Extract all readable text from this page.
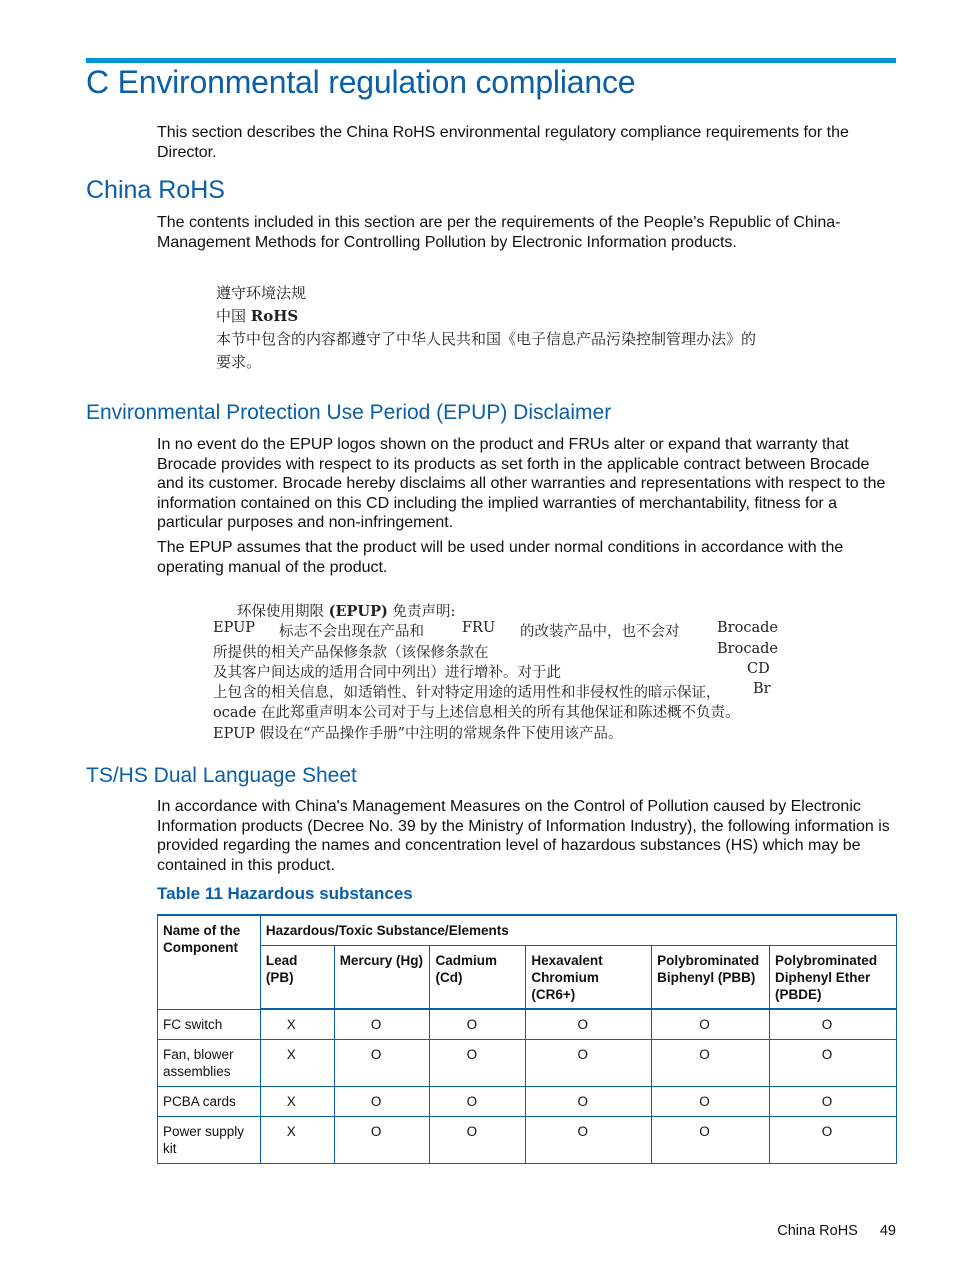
C Environmental regulation compliance

This section describes the China RoHS environmental regulatory compliance requirements for the Director.

China RoHS

The contents included in this section are per the requirements of the People's Republic of China-Management Methods for Controlling Pollution by Electronic Information products.

遵守环境法规
中国 RoHS
本节中包含的内容都遵守了中华人民共和国《电子信息产品污染控制管理办法》的
要求。
Environmental Protection Use Period (EPUP) Disclaimer

In no event do the EPUP logos shown on the product and FRUs alter or expand that warranty that Brocade provides with respect to its products as set forth in the applicable contract between Brocade and its customer. Brocade hereby disclaims all other warranties and representations with respect to the information contained on this CD including the implied warranties of merchantability, fitness for a particular purposes and non-infringement.

The EPUP assumes that the product will be used under normal conditions in accordance with the operating manual of the product.

环保使用期限 (EPUP) 免责声明:
EPUP 标志不会出现在产品和	FRU 的改装产品中，也不会对	Brocade
所提供的相关产品保修条款（该保修条款在	Brocade
及其客户间达成的适用合同中列出）进行增补。对于此	CD
上包含的相关信息，如适销性、针对特定用途的适用性和非侵权性的暗示保证， Br
ocade 在此郑重声明本公司对于与上述信息相关的所有其他保证和陈述概不负责。
EPUP 假设在“产品操作手册”中注明的常规条件下使用该产品。
TS/HS Dual Language Sheet

In accordance with China's Management Measures on the Control of Pollution caused by Electronic Information products (Decree No. 39 by the Ministry of Information Industry), the following information is provided regarding the names and concentration level of hazardous substances (HS) which may be contained in this product.

Table 11 Hazardous substances
Name of the Component	Hazardous/Toxic Substance/Elements					
	Lead (PB)	Mercury (Hg)	Cadmium (Cd)	Hexavalent Chromium (CR6+)	Polybrominated Biphenyl (PBB)	Polybrominated Diphenyl Ether (PBDE)
FC switch	X	O	O	O	O	O
Fan, blower assemblies	X	O	O	O	O	O
PCBA cards	X	O	O	O	O	O
Power supply kit	X	O	O	O	O	O
China RoHS 49
